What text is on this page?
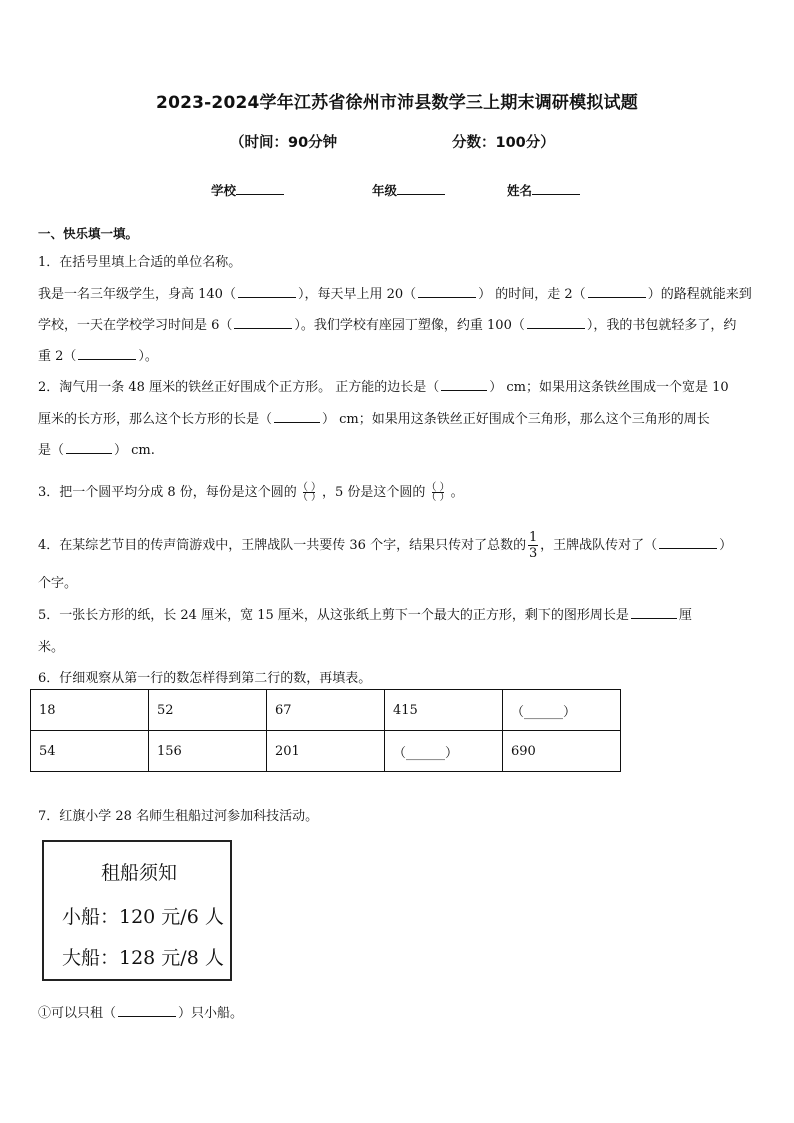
2023-2024学年江苏省徐州市沛县数学三上期末调研模拟试题
（时间：90分钟	分数：100分）
学校	年级	姓名
一、快乐填一填。
1．在括号里填上合适的单位名称。
我是一名三年级学生，身高 140（	），每天早上用 20（	） 的时间，走 2（	）的路程就能来到
学校，一天在学校学习时间是 6（	）。我们学校有座园丁塑像，约重 100（	），我的书包就轻多了，约
重 2（	）。
2．淘气用一条 48 厘米的铁丝正好围成个正方形。 正方能的边长是（	） cm；如果用这条铁丝围成一个宽是 10
厘米的长方形，那么这个长方形的长是（	） cm；如果用这条铁丝正好围成个三角形，那么这个三角形的周长
是（	） cm.
3．把一个圆平均分成 8 份，每份是这个圆的 $\frac{( )}{( )}$ ，5 份是这个圆的 $\frac{( )}{( )}$ 。
4．在某综艺节目的传声筒游戏中，王牌战队一共要传 36 个字，结果只传对了总数的 $\frac{1}{3}$ ，王牌战队传对了（	）
个字。
5．一张长方形的纸，长 24 厘米，宽 15 厘米，从这张纸上剪下一个最大的正方形，剩下的图形周长是	厘
米。
6．仔细观察从第一行的数怎样得到第二行的数，再填表。
18	52	67	415	（______）
54	156	201	（______）	690
7．红旗小学 28 名师生租船过河参加科技活动。
租船须知
小船：120 元/6 人
大船：128 元/8 人
①可以只租（	）只小船。
